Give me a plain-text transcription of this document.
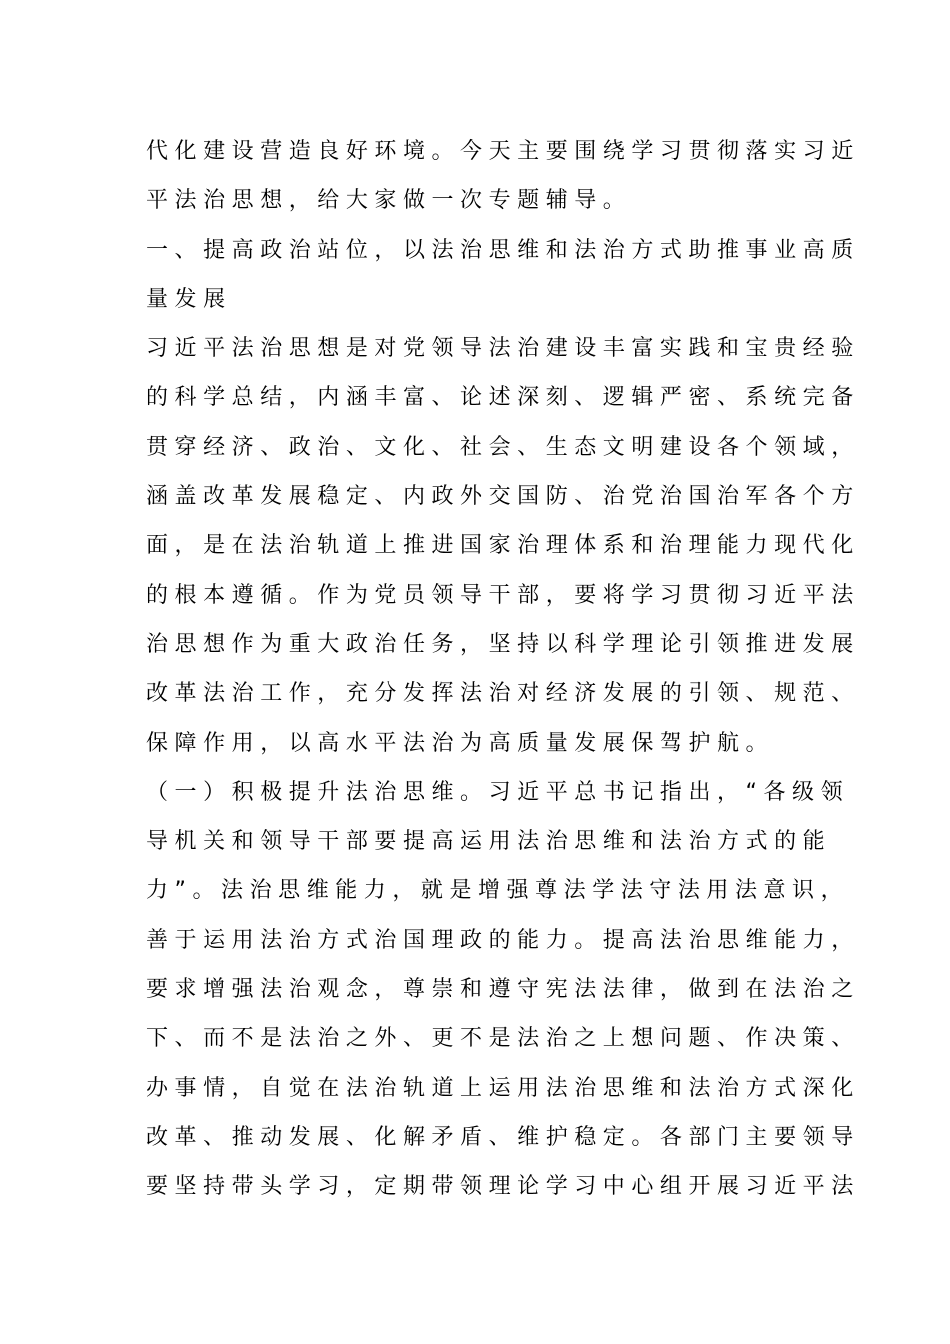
代化建设营造良好环境。今天主要围绕学习贯彻落实习近
平法治思想，给大家做一次专题辅导。
一、提高政治站位，以法治思维和法治方式助推事业高质
量发展
习近平法治思想是对党领导法治建设丰富实践和宝贵经验
的科学总结，内涵丰富、论述深刻、逻辑严密、系统完备
贯穿经济、政治、文化、社会、生态文明建设各个领域，
涵盖改革发展稳定、内政外交国防、治党治国治军各个方
面，是在法治轨道上推进国家治理体系和治理能力现代化
的根本遵循。作为党员领导干部，要将学习贯彻习近平法
治思想作为重大政治任务，坚持以科学理论引领推进发展
改革法治工作，充分发挥法治对经济发展的引领、规范、
保障作用，以高水平法治为高质量发展保驾护航。
（一）积极提升法治思维。习近平总书记指出，“各级领
导机关和领导干部要提高运用法治思维和法治方式的能
力”。法治思维能力，就是增强尊法学法守法用法意识，
善于运用法治方式治国理政的能力。提高法治思维能力，
要求增强法治观念，尊崇和遵守宪法法律，做到在法治之
下、而不是法治之外、更不是法治之上想问题、作决策、
办事情，自觉在法治轨道上运用法治思维和法治方式深化
改革、推动发展、化解矛盾、维护稳定。各部门主要领导
要坚持带头学习，定期带领理论学习中心组开展习近平法
